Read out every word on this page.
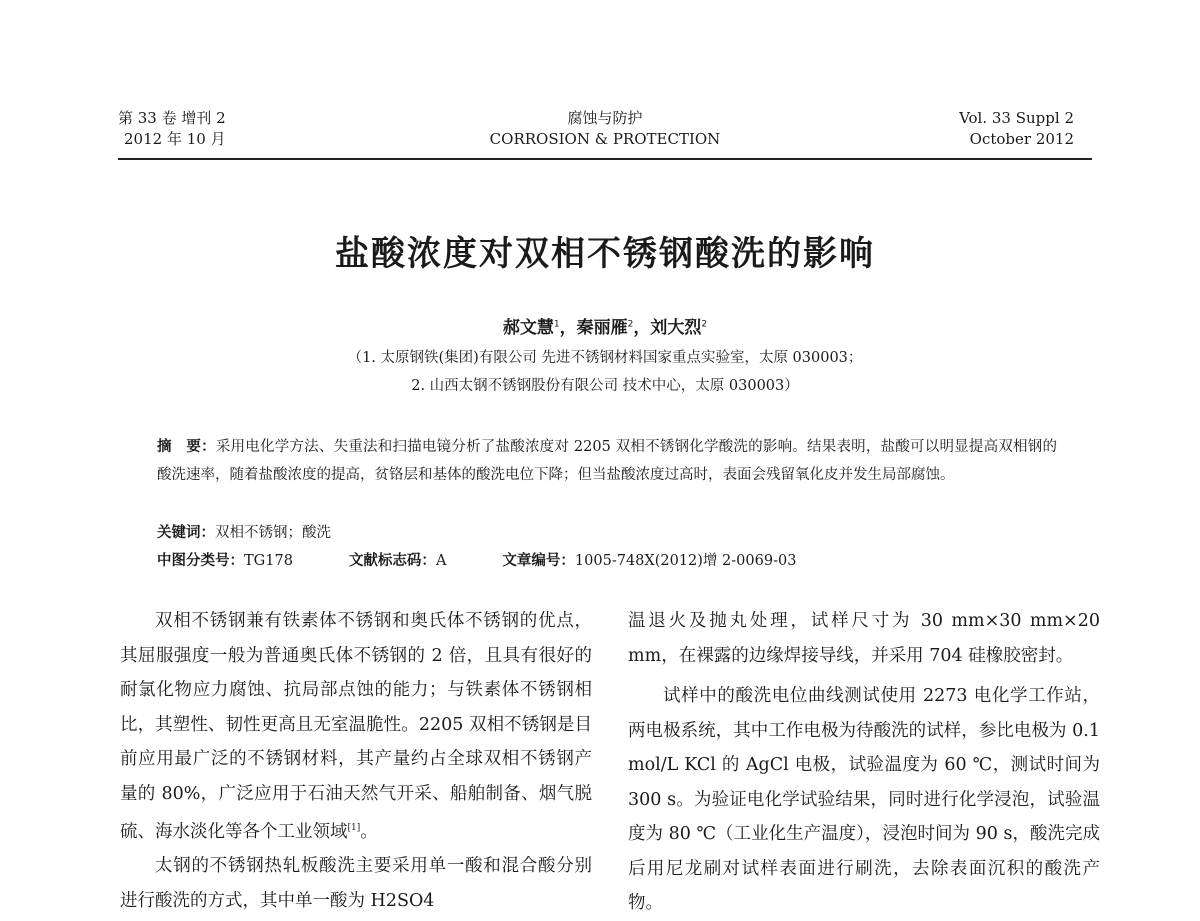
第 33 卷 增刊 2
2012 年 10 月
腐蚀与防护
CORROSION & PROTECTION
Vol. 33 Suppl 2
October 2012
盐酸浓度对双相不锈钢酸洗的影响
郝文慧$^1$，秦丽雁$^2$，刘大烈$^2$
（1. 太原钢铁(集团)有限公司 先进不锈钢材料国家重点实验室，太原 030003；
2. 山西太钢不锈钢股份有限公司 技术中心，太原 030003）

摘　要：采用电化学方法、失重法和扫描电镜分析了盐酸浓度对 2205 双相不锈钢化学酸洗的影响。结果表明，盐酸可以明显提高双相钢的酸洗速率，随着盐酸浓度的提高，贫铬层和基体的酸洗电位下降；但当盐酸浓度过高时，表面会残留氧化皮并发生局部腐蚀。

关键词：双相不锈钢；酸洗
中图分类号：TG178	文献标志码：A	文章编号：1005-748X(2012)增 2-0069-03

双相不锈钢兼有铁素体不锈钢和奥氏体不锈钢的优点，其屈服强度一般为普通奥氏体不锈钢的 2 倍，且具有很好的耐氯化物应力腐蚀、抗局部点蚀的能力；与铁素体不锈钢相比，其塑性、韧性更高且无室温脆性。2205 双相不锈钢是目前应用最广泛的不锈钢材料，其产量约占全球双相不锈钢产量的 80%，广泛应用于石油天然气开采、船舶制备、烟气脱硫、海水淡化等各个工业领域[1]。

太钢的不锈钢热轧板酸洗主要采用单一酸和混合酸分别进行酸洗的方式，其中单一酸为 H2SO4

温退火及抛丸处理，试样尺寸为 30 mm×30 mm×20 mm，在裸露的边缘焊接导线，并采用 704 硅橡胶密封。

试样中的酸洗电位曲线测试使用 2273 电化学工作站，两电极系统，其中工作电极为待酸洗的试样，参比电极为 0.1 mol/L KCl 的 AgCl 电极，试验温度为 60 ℃，测试时间为 300 s。为验证电化学试验结果，同时进行化学浸泡，试验温度为 80 ℃（工业化生产温度），浸泡时间为 90 s，酸洗完成后用尼龙刷对试样表面进行刷洗，去除表面沉积的酸洗产物。
